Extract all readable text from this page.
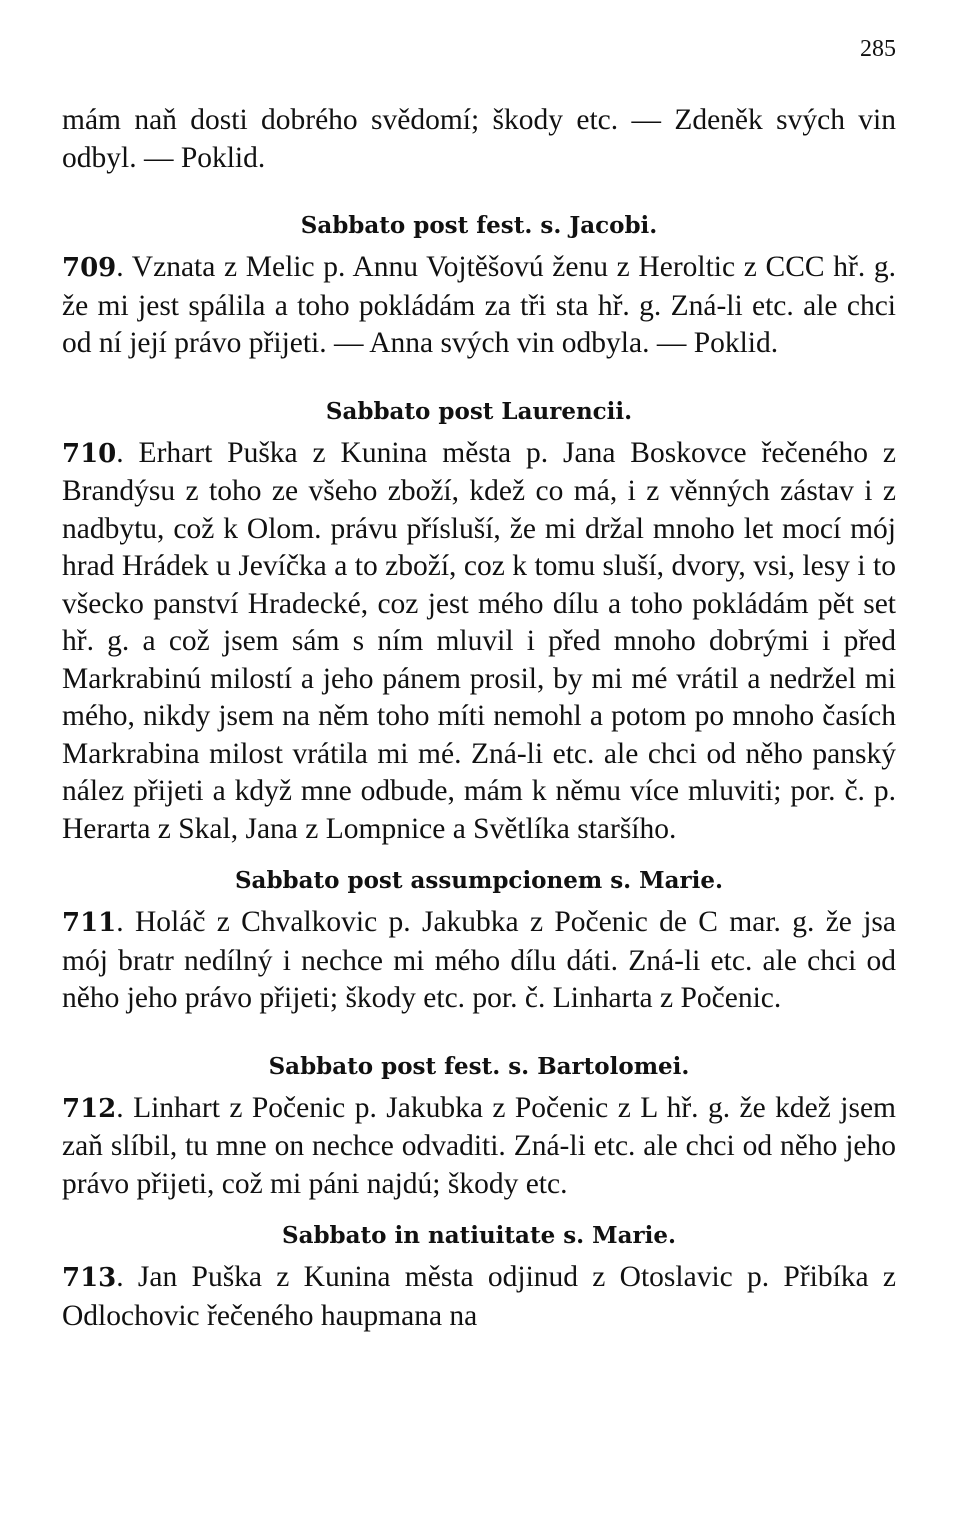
285

mám naň dosti dobrého svědomí; škody etc. — Zdeněk svých vin odbyl. — Poklid.

Sabbato post fest. s. Jacobi.

709. Vznata z Melic p. Annu Vojtěšovú ženu z Heroltic z CCC hř. g. že mi jest spálila a toho pokládám za tři sta hř. g. Zná-li etc. ale chci od ní její právo přijeti. — Anna svých vin odbyla. — Poklid.

Sabbato post Laurencii.

710. Erhart Puška z Kunina města p. Jana Boskovce řečeného z Brandýsu z toho ze všeho zboží, kdež co má, i z věnných zástav i z nadbytu, což k Olom. právu přísluší, že mi držal mnoho let mocí mój hrad Hrádek u Jevíčka a to zboží, coz k tomu sluší, dvory, vsi, lesy i to všecko panství Hradecké, coz jest mého dílu a toho pokládám pět set hř. g. a což jsem sám s ním mluvil i před mnoho dobrými i před Markrabinú milostí a jeho pánem prosil, by mi mé vrátil a nedržel mi mého, nikdy jsem na něm toho míti nemohl a potom po mnoho časích Markrabina milost vrátila mi mé. Zná-li etc. ale chci od něho panský nález přijeti a když mne odbude, mám k němu více mluviti; por. č. p. Herarta z Skal, Jana z Lompnice a Světlíka staršího.

Sabbato post assumpcionem s. Marie.

711. Holáč z Chvalkovic p. Jakubka z Počenic de C mar. g. že jsa mój bratr nedílný i nechce mi mého dílu dáti. Zná-li etc. ale chci od něho jeho právo přijeti; škody etc. por. č. Linharta z Počenic.

Sabbato post fest. s. Bartolomei.

712. Linhart z Počenic p. Jakubka z Počenic z L hř. g. že kdež jsem zaň slíbil, tu mne on nechce odvaditi. Zná-li etc. ale chci od něho jeho právo přijeti, což mi páni najdú; škody etc.

Sabbato in natiuitate s. Marie.

713. Jan Puška z Kunina města odjinud z Otoslavic p. Přibíka z Odlochovic řečeného haupmana na
